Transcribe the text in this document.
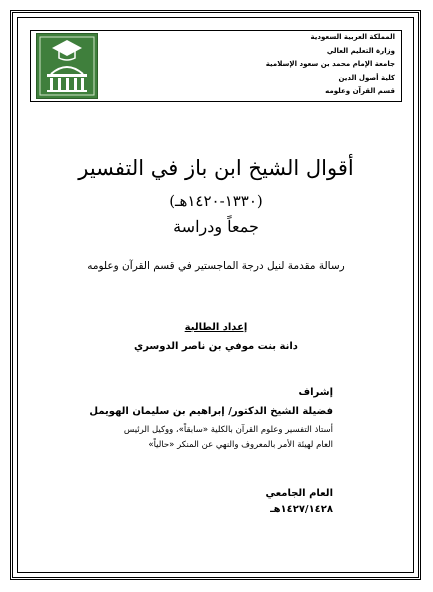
المملكة العربية السعودية
وزارة التعليم العالي
جامعة الإمام محمد بن سعود الإسلامية
كلية أصول الدين
قسم القرآن وعلومه
أقوال الشيخ ابن باز في التفسير
(١٣٣٠-١٤٢٠هـ)
جمعاً ودراسة
رسالة مقدمة لنيل درجة الماجستير في قسم القرآن وعلومه
إعداد الطالبة
دانة بنت موفي بن ناصر الدوسري
إشراف
فضيلة الشيخ الدكتور/ إبراهيم بن سليمان الهويمل
أستاذ التفسير وعلوم القرآن بالكلية «سابقاً»، ووكيل الرئيس
العام لهيئة الأمر بالمعروف والنهي عن المنكر «حالياً»
العام الجامعي
١٤٢٧/١٤٢٨هـ
